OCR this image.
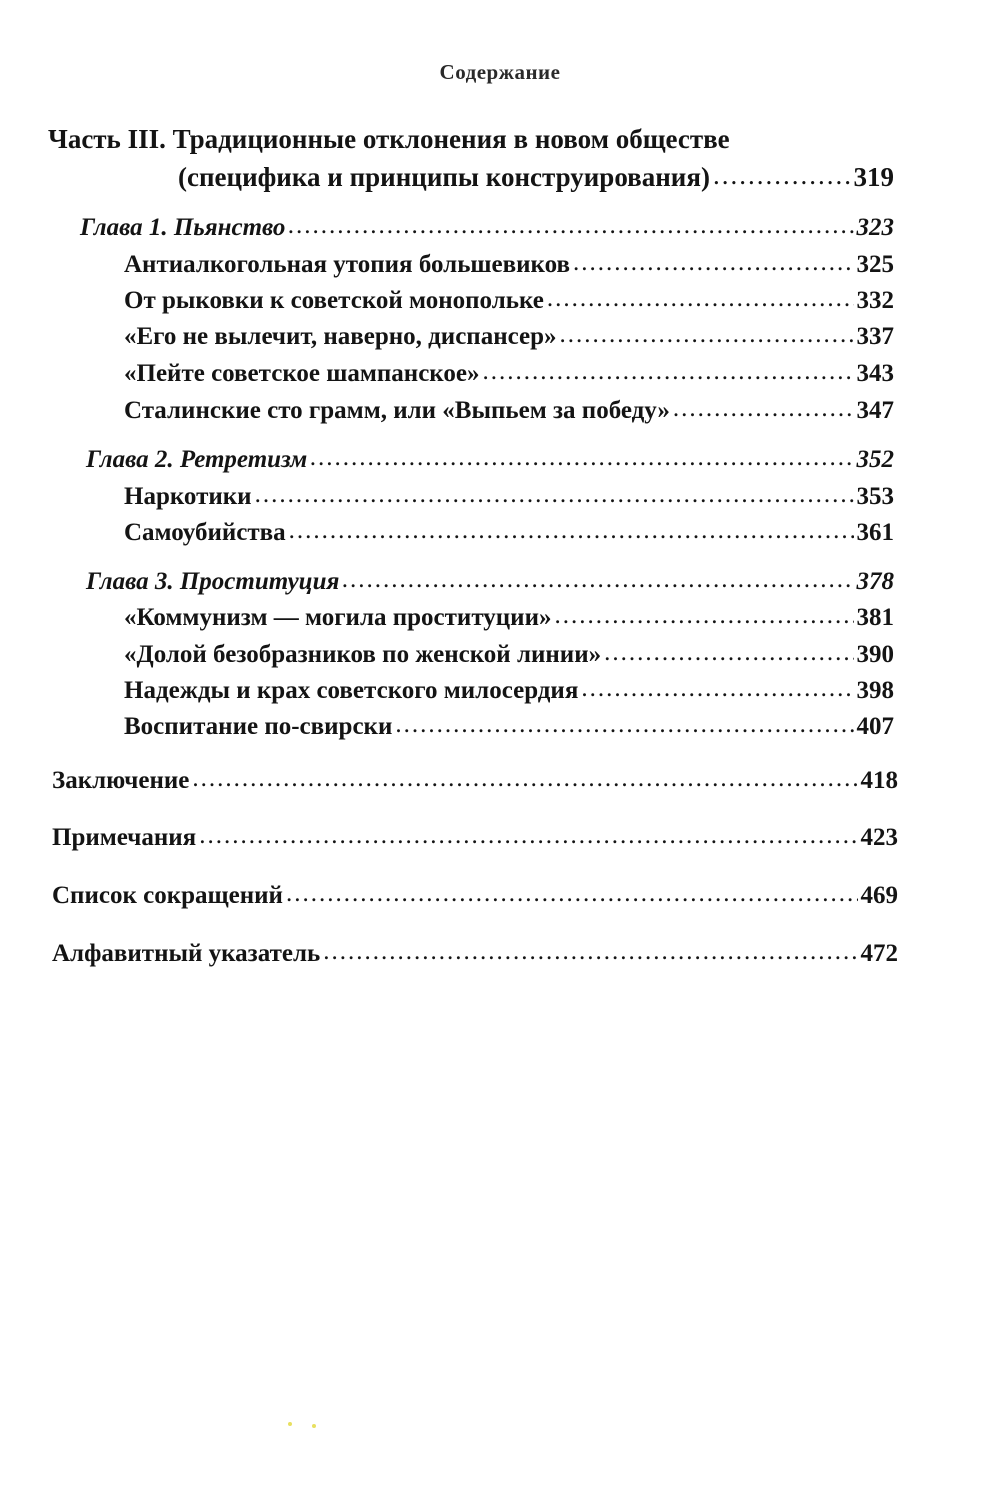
Содержание
Часть III. Традиционные отклонения в новом обществе
(специфика и принципы конструирования) .....	319
Глава 1. Пьянство .....	323
Антиалкогольная утопия большевиков .....	325
От рыковки к советской монопольке .....	332
«Его не вылечит, наверно, диспансер» .....	337
«Пейте советское шампанское» .....	343
Сталинские сто грамм, или «Выпьем за победу» .....	347
Глава 2. Ретретизм .....	352
Наркотики .....	353
Самоубийства .....	361
Глава 3. Проституция .....	378
«Коммунизм — могила проституции» .....	381
«Долой безобразников по женской линии» .....	390
Надежды и крах советского милосердия .....	398
Воспитание по-свирски .....	407
Заключение .....	418
Примечания .....	423
Список сокращений .....	469
Алфавитный указатель .....	472
